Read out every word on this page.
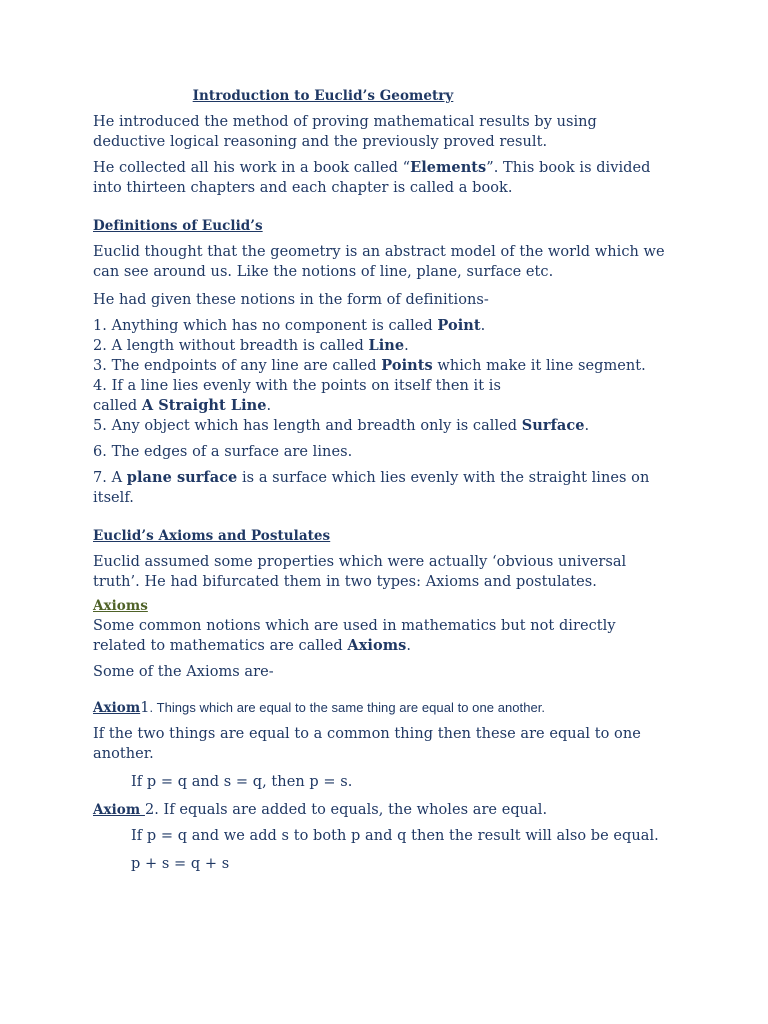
Introduction to Euclid’s Geometry

He introduced the method of proving mathematical results by using deductive logical reasoning and the previously proved result.

He collected all his work in a book called “Elements”. This book is divided into thirteen chapters and each chapter is called a book.

Definitions of Euclid’s

Euclid thought that the geometry is an abstract model of the world which we can see around us. Like the notions of line, plane, surface etc.

He had given these notions in the form of definitions-

1. Anything which has no component is called Point.

2. A length without breadth is called Line.

3. The endpoints of any line are called Points which make it line segment.

4. If a line lies evenly with the points on itself then it is
called A Straight Line.

5. Any object which has length and breadth only is called Surface.

6. The edges of a surface are lines.

7. A plane surface is a surface which lies evenly with the straight lines on itself.

Euclid’s Axioms and Postulates

Euclid assumed some properties which were actually ‘obvious universal truth’. He had bifurcated them in two types: Axioms and postulates.

Axioms

Some common notions which are used in mathematics but not directly related to mathematics are called Axioms.

Some of the Axioms are-

Axiom1. Things which are equal to the same thing are equal to one another.

If the two things are equal to a common thing then these are equal to one another.

If p = q and s = q, then p = s.

Axiom 2. If equals are added to equals, the wholes are equal.

If p = q and we add s to both p and q then the result will also be equal.

p + s = q + s
